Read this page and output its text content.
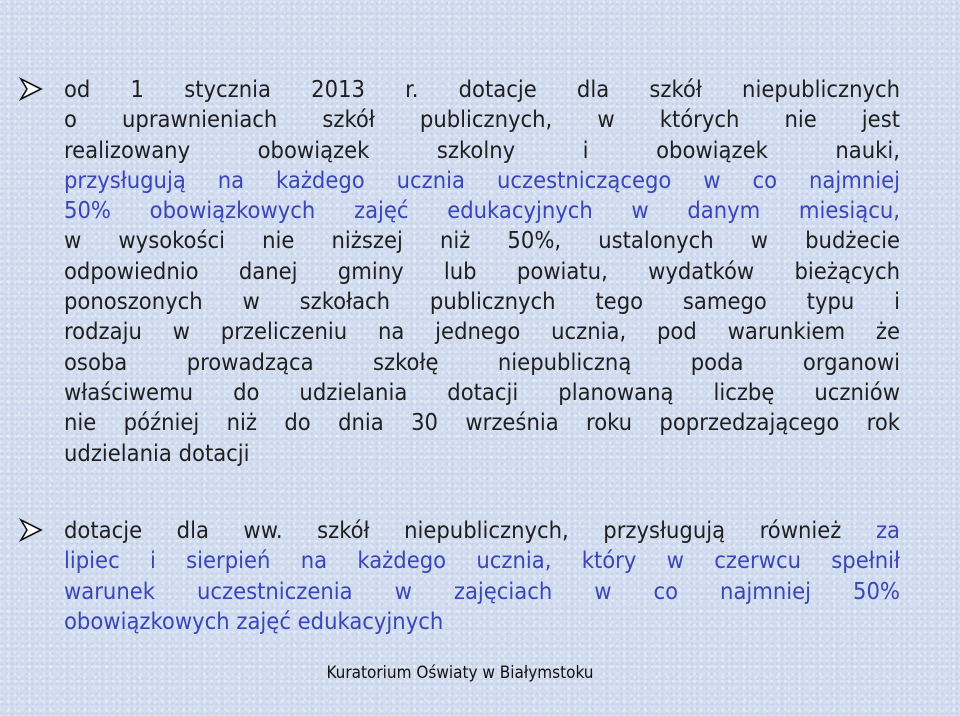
od 1 stycznia 2013 r. dotacje dla szkół niepublicznych
o uprawnieniach szkół publicznych, w których nie jest
realizowany obowiązek szkolny i obowiązek nauki,
przysługują na każdego ucznia uczestniczącego w co najmniej
50% obowiązkowych zajęć edukacyjnych w danym miesiącu,
w wysokości nie niższej niż 50%, ustalonych w budżecie
odpowiednio danej gminy lub powiatu, wydatków bieżących
ponoszonych w szkołach publicznych tego samego typu i
rodzaju w przeliczeniu na jednego ucznia, pod warunkiem że
osoba prowadząca szkołę niepubliczną poda organowi
właściwemu do udzielania dotacji planowaną liczbę uczniów
nie później niż do dnia 30 września roku poprzedzającego rok
udzielania dotacji
dotacje dla ww. szkół niepublicznych, przysługują również za
lipiec i sierpień na każdego ucznia, który w czerwcu spełnił
warunek uczestniczenia w zajęciach w co najmniej 50%
obowiązkowych zajęć edukacyjnych
Kuratorium Oświaty w Białymstoku
